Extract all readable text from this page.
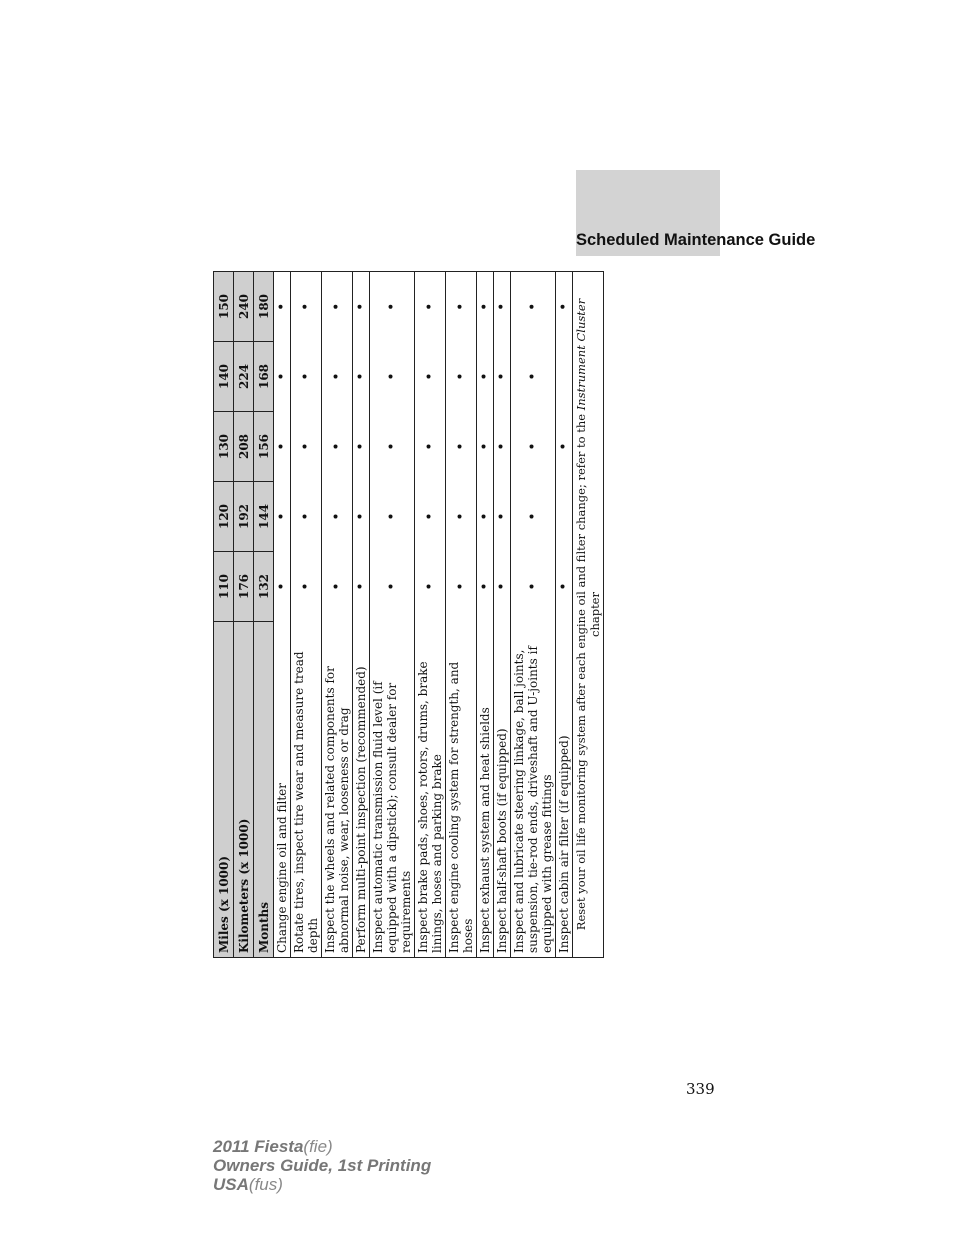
Scheduled Maintenance Guide
Miles (x 1000)	110	120	130	140	150
Kilometers (x 1000)	176	192	208	224	240
Months	132	144	156	168	180
Change engine oil and filter	•	•	•	•	•
Rotate tires, inspect tire wear and measure tread depth	•	•	•	•	•
Inspect the wheels and related components for abnormal noise, wear, looseness or drag	•	•	•	•	•
Perform multi-point inspection (recommended)	•	•	•	•	•
Inspect automatic transmission fluid level (if equipped with a dipstick); consult dealer for requirements	•	•	•	•	•
Inspect brake pads, shoes, rotors, drums, brake linings, hoses and parking brake	•	•	•	•	•
Inspect engine cooling system for strength, and hoses	•	•	•	•	•
Inspect exhaust system and heat shields	•	•	•	•	•
Inspect half-shaft boots (if equipped)	•	•	•	•	•
Inspect and lubricate steering linkage, ball joints, suspension, tie-rod ends, driveshaft and U-joints if equipped with grease fittings	•	•	•	•	•
Inspect cabin air filter (if equipped)	•		•		•
Reset your oil life monitoring system after each engine oil and filter change; refer to the Instrument Cluster chapter					
339
2011 Fiesta(fie)
Owners Guide, 1st Printing
USA(fus)
